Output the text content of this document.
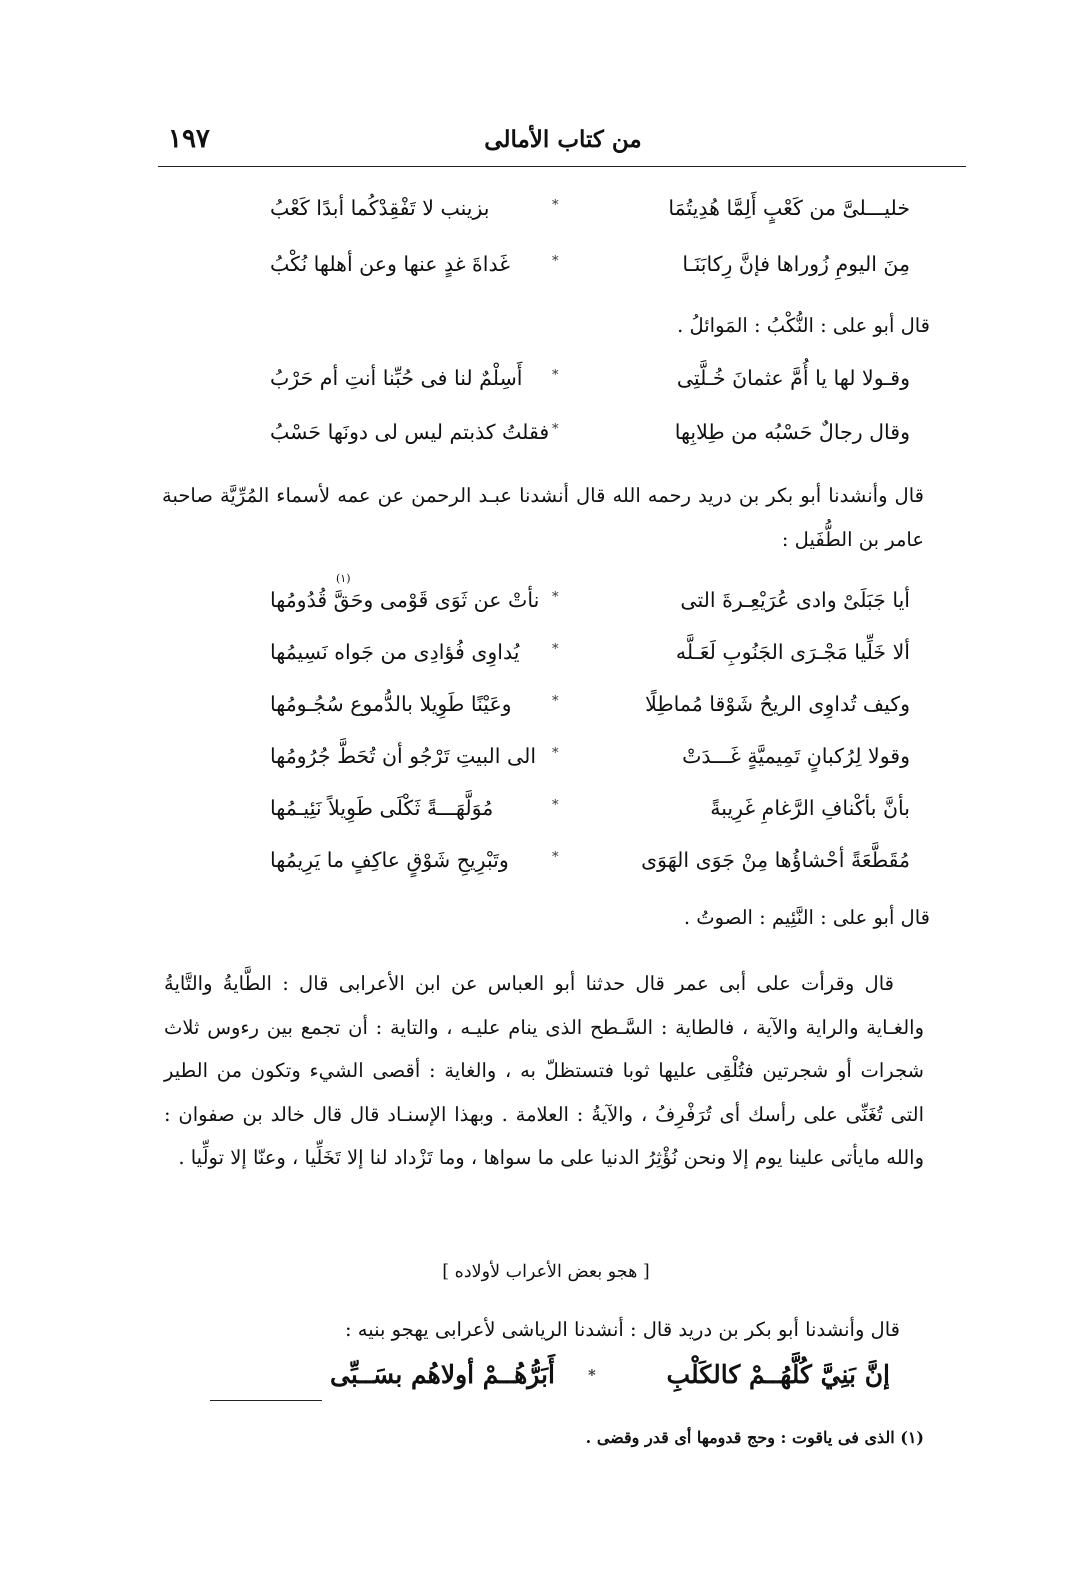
من كتاب الأمالى
١٩٧
خليـــلىَّ من كَعْبٍ أَلِمَّا هُدِيتُمَا
*
بزينب لا تَفْقِدْكُما أبدًا كَعْبُ
مِنَ اليومِ زُوراها فإنَّ رِكابَنَـا
*
غَداةَ غدٍ عنها وعن أهلها نُكْبُ
قال أبو على : النُّكْبُ : المَوائلُ .
وقـولا لها يا أُمَّ عثمانَ خُـلَّتِى
*
أَسِلْمٌ لنا فى حُبِّنا أنتِ أم حَرْبُ
وقال رجالٌ حَسْبُه من طِلابِها
*
فقلتُ كذبتم ليس لى دونَها حَسْبُ
قال وأنشدنا أبو بكر بن دريد رحمه الله قال أنشدنا عبـد الرحمن عن عمه لأسماء المُرِّيَّة صاحبة عامر بن الطُّفَيل :
أيا جَبَلَىْ وادى عُرَيْعِـرةَ التى
*
نأتْ عن ثَوَى قَوْمى وحَقَّ قُدُومُها
(١)
ألا خَلِّيا مَجْـرَى الجَنُوبِ لَعَـلَّه
*
يُداوِى فُؤادِى من جَواه نَسِيمُها
وكيف تُداوِى الريحُ شَوْقا مُماطِلًا
*
وعَيْنًا طَوِيلا بالدُّموع سُجُـومُها
وقولا لِرُكبانٍ تَمِيميَّةٍ غَـــدَتْ
*
الى البيتِ تَرْجُو أن تُحَطَّ جُرُومُها
بأنَّ بأكْنافِ الرَّغامِ غَرِيبةً
*
مُوَلَّهَـــةً ثَكْلَى طَوِيلاً نَئِيـمُها
مُقَطَّعَةً أحْشاؤُها مِنْ جَوَى الهَوَى
*
وتَبْرِيحِ شَوْقٍ عاكِفٍ ما يَرِيمُها
قال أبو على : النَّئِيم : الصوتُ .
قال وقرأت على أبى عمر قال حدثنا أبو العباس عن ابن الأعرابى قال : الطَّايةُ والتَّايةُ والغـاية والراية والآية ، فالطاية : السَّـطح الذى ينام عليـه ، والتاية : أن تجمع بين رءوس ثلاث شجرات أو شجرتين فتُلْقِى عليها ثوبا فتستظلّ به ، والغاية : أقصى الشيء وتكون من الطير التى تُغَنِّى على رأسك أى تُرَفْرِفُ ، والآيةُ : العلامة . وبهذا الإسنـاد قال قال خالد بن صفوان : والله مايأتى علينا يوم إلا ونحن نُؤْثِرُ الدنيا على ما سواها ، وما تَزْداد لنا إلا تَخَلِّيا ، وعنّا إلا تولِّيا .
[ هجو بعض الأعراب لأولاده ]
قال وأنشدنا أبو بكر بن دريد قال : أنشدنا الرياشى لأعرابى يهجو بنيه :
إنَّ بَنِيَّ كُلَّهُــمْ كالكَلْبِ
*
أَبَرُّهُــمْ أولاهُم بسَــبِّى
(١) الذى فى ياقوت : وحج قدومها أى قدر وقضى .
